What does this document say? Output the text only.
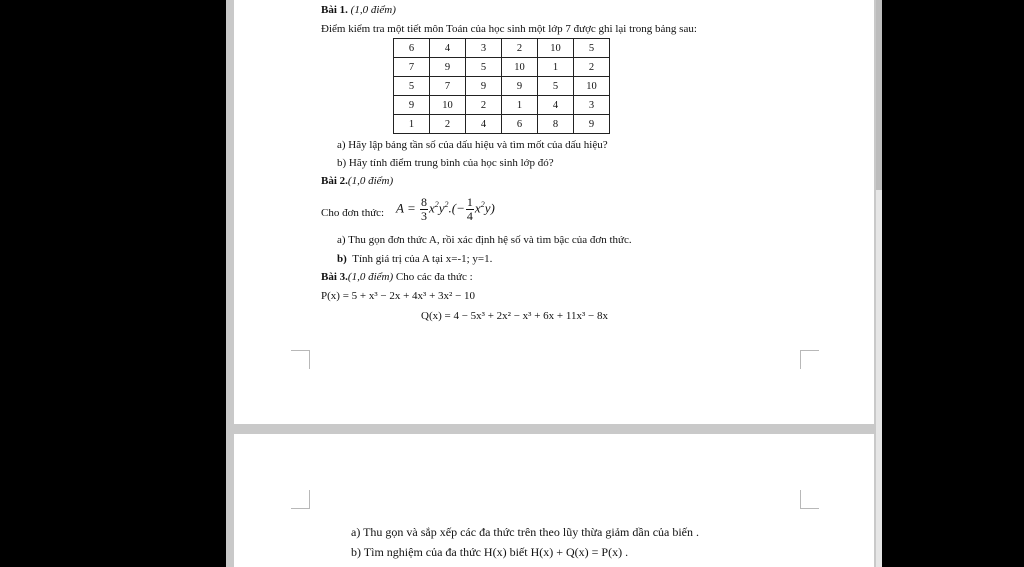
Bài 1. (1,0 điểm)
Điểm kiểm tra một tiết môn Toán của học sinh một lớp 7 được ghi lại trong bảng sau:
6	4	3	2	10	5
7	9	5	10	1	2
5	7	9	9	5	10
9	10	2	1	4	3
1	2	4	6	8	9
a) Hãy lập bảng tần số của dấu hiệu và tìm mốt của dấu hiệu?
b) Hãy tính điểm trung bình của học sinh lớp đó?
Bài 2.(1,0 điểm)
Cho đơn thức: $A = \frac{8}{3} x^2y^2.(- \frac{1}{4} x^2y)$
a) Thu gọn đơn thức A, rồi xác định hệ số và tìm bậc của đơn thức.
b) Tính giá trị của A tại x=-1; y=1.
Bài 3.(1,0 điểm) Cho các đa thức :
P(x) = 5 + x³ − 2x + 4x³ + 3x² − 10
Q(x) = 4 − 5x³ + 2x² − x³ + 6x + 11x³ − 8x
a) Thu gọn và sắp xếp các đa thức trên theo lũy thừa giảm dần của biến .
b) Tìm nghiệm của đa thức H(x) biết H(x) + Q(x) = P(x) .
